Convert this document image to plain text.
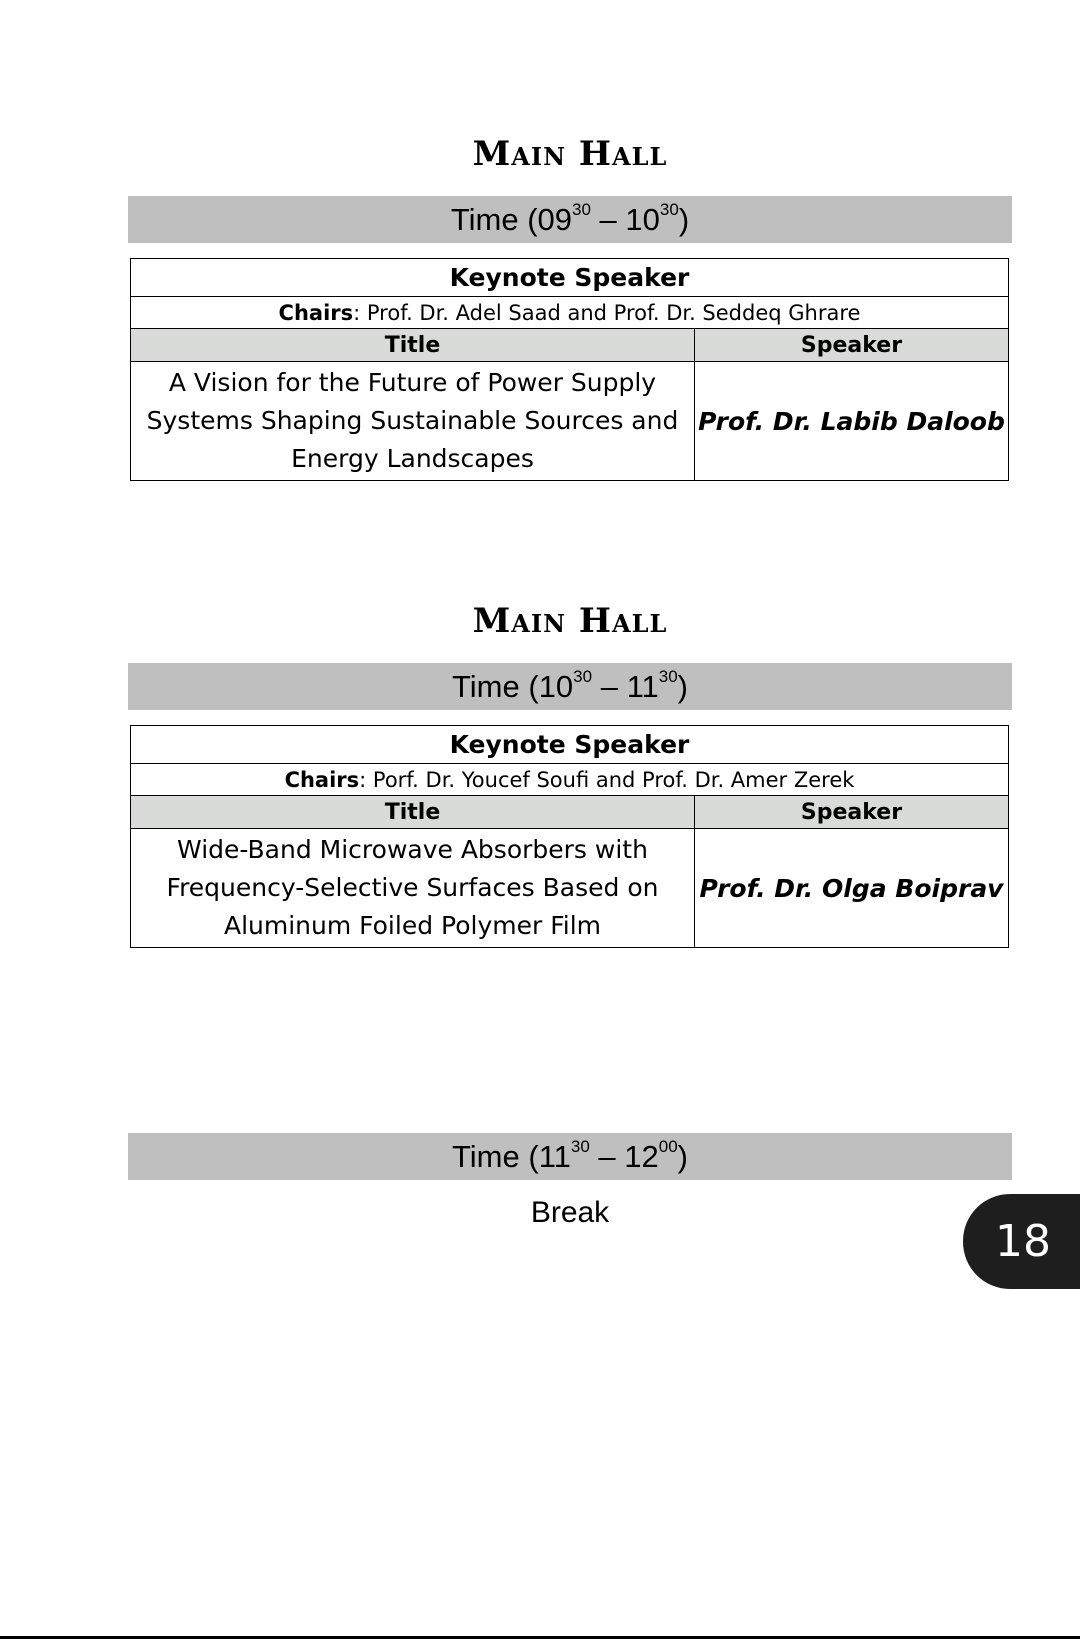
Main Hall
Time $(09^{30} - 10^{30})$
Keynote Speaker	
Chairs: Prof. Dr. Adel Saad and Prof. Dr. Seddeq Ghrare	
Title	Speaker
A Vision for the Future of Power Supply Systems Shaping Sustainable Sources and Energy Landscapes	Prof. Dr. Labib Daloob
Main Hall
Time $(10^{30} - 11^{30})$
Keynote Speaker	
Chairs: Porf. Dr. Youcef Soufi and Prof. Dr. Amer Zerek	
Title	Speaker
Wide-Band Microwave Absorbers with Frequency-Selective Surfaces Based on Aluminum Foiled Polymer Film	Prof. Dr. Olga Boiprav
Time $(11^{30} - 12^{00})$
Break
18
